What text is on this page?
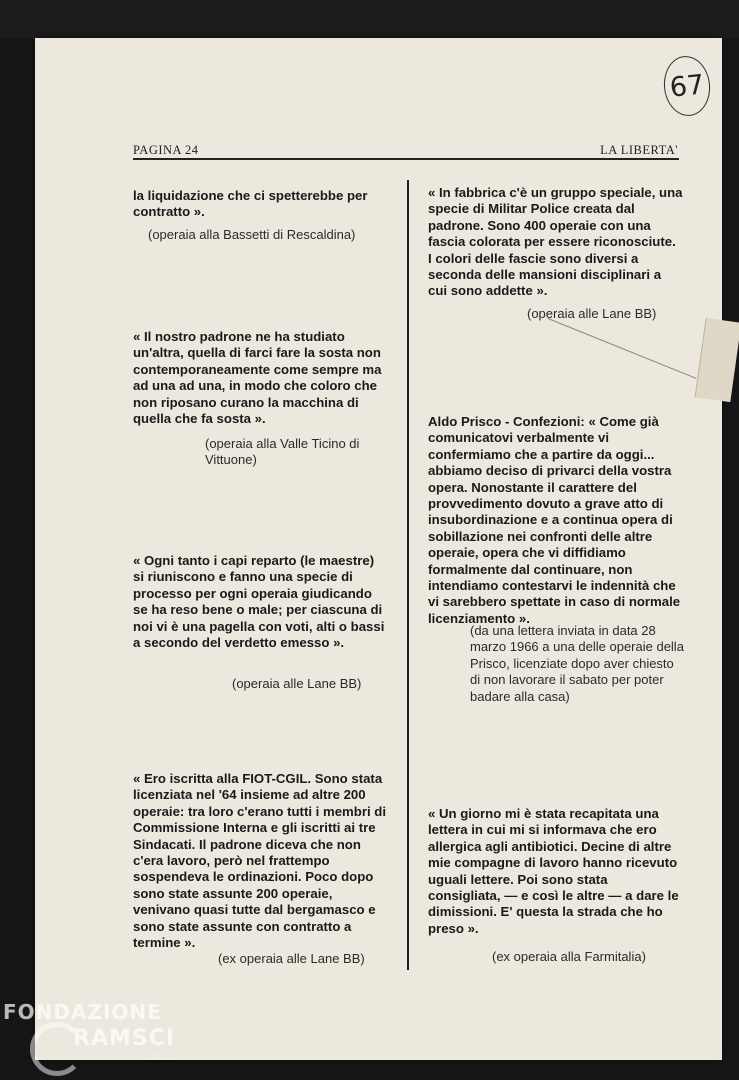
67
PAGINA 24	LA LIBERTA'

la liquidazione che ci spetterebbe per contratto ».

(operaia alla Bassetti di Rescaldina)

« Il nostro padrone ne ha studiato un'altra, quella di farci fare la sosta non contemporaneamente come sempre ma ad una ad una, in modo che coloro che non riposano curano la macchina di quella che fa sosta ».

(operaia alla Valle Ticino di Vittuone)

« Ogni tanto i capi reparto (le maestre) si riuniscono e fanno una specie di processo per ogni operaia giudicando se ha reso bene o male; per ciascuna di noi vi è una pagella con voti, alti o bassi a secondo del verdetto emesso ».

(operaia alle Lane BB)

« Ero iscritta alla FIOT-CGIL. Sono stata licenziata nel '64 insieme ad altre 200 operaie: tra loro c'erano tutti i membri di Commissione Interna e gli iscritti ai tre Sindacati. Il padrone diceva che non c'era lavoro, però nel frattempo sospendeva le ordinazioni. Poco dopo sono state assunte 200 operaie, venivano quasi tutte dal bergamasco e sono state assunte con contratto a termine ».

(ex operaia alle Lane BB)

« In fabbrica c'è un gruppo speciale, una specie di Militar Police creata dal padrone. Sono 400 operaie con una fascia colorata per essere riconosciute. I colori delle fascie sono diversi a seconda delle mansioni disciplinari a cui sono addette ».

(operaia alle Lane BB)

Aldo Prisco - Confezioni: « Come già comunicatovi verbalmente vi confermiamo che a partire da oggi... abbiamo deciso di privarci della vostra opera. Nonostante il carattere del provvedimento dovuto a grave atto di insubordinazione e a continua opera di sobillazione nei confronti delle altre operaie, opera che vi diffidiamo formalmente dal continuare, non intendiamo contestarvi le indennità che vi sarebbero spettate in caso di normale licenziamento ».

(da una lettera inviata in data 28 marzo 1966 a una delle operaie della Prisco, licenziate dopo aver chiesto di non lavorare il sabato per poter badare alla casa)

« Un giorno mi è stata recapitata una lettera in cui mi si informava che ero allergica agli antibiotici. Decine di altre mie compagne di lavoro hanno ricevuto uguali lettere. Poi sono stata consigliata, — e così le altre — a dare le dimissioni. E' questa la strada che ho preso ».

(ex operaia alla Farmitalia)

FONDAZIONE
RAMSCI
onlus
